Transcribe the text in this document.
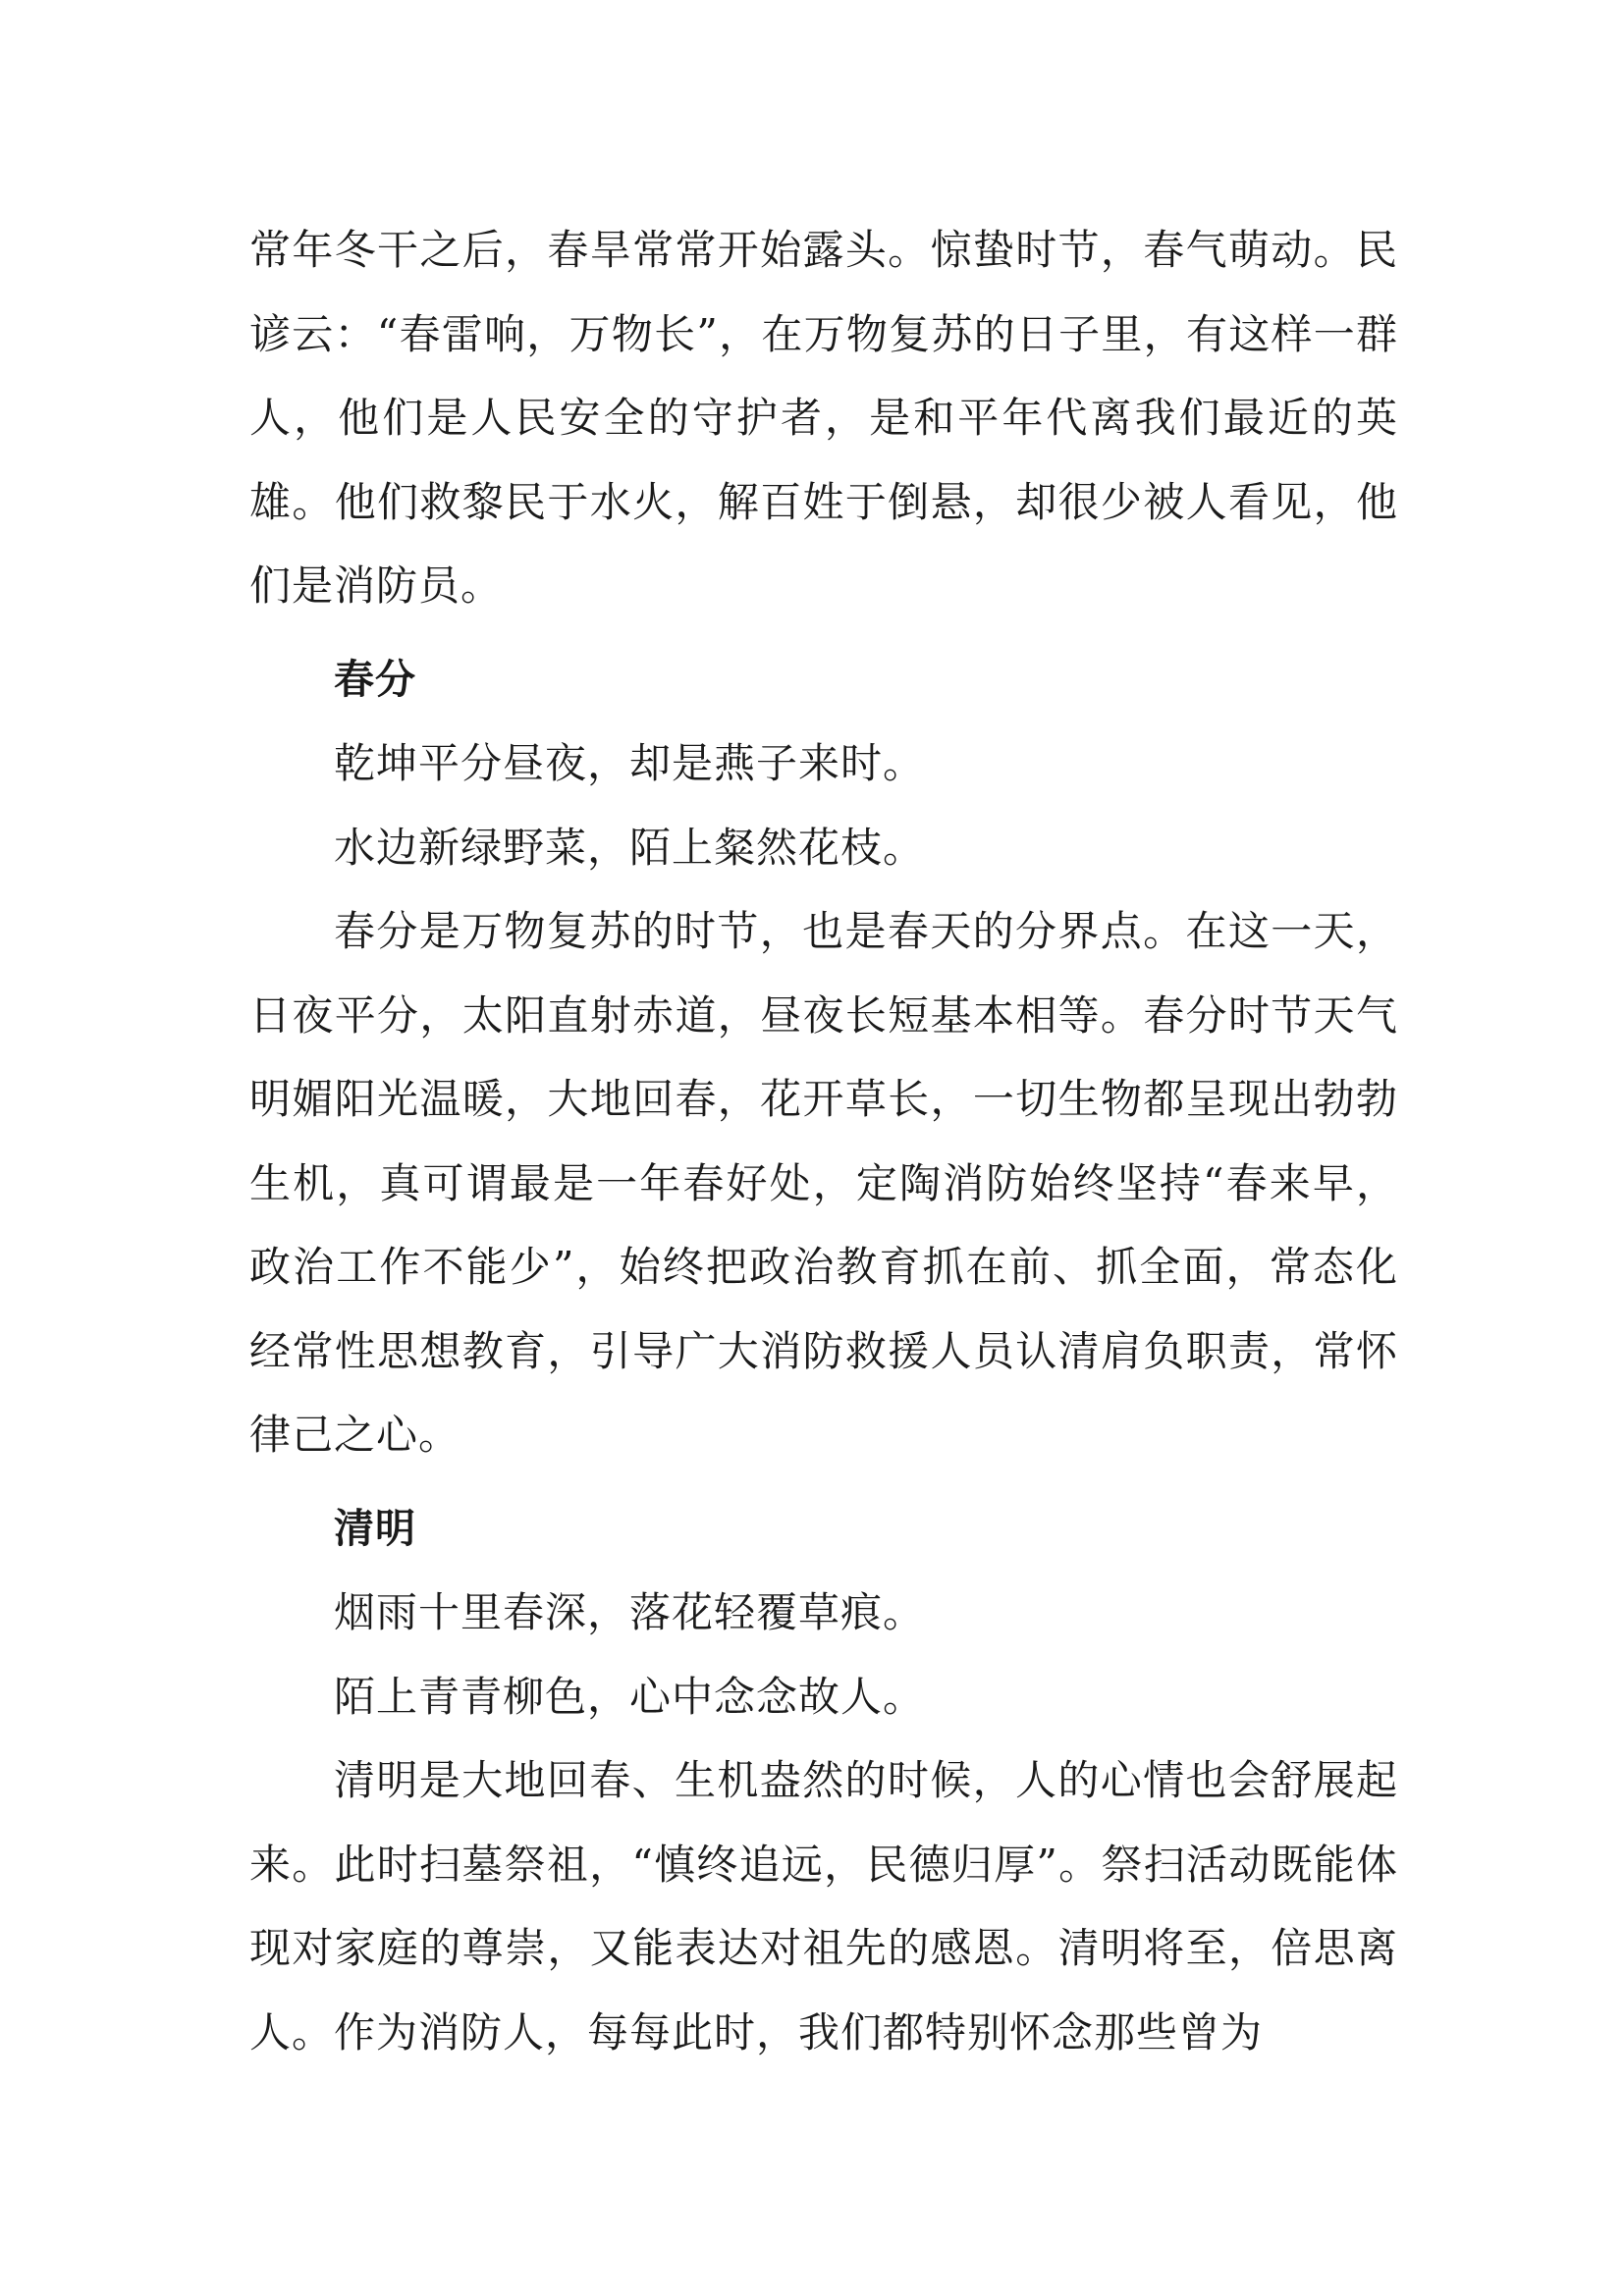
常年冬干之后，春旱常常开始露头。惊蛰时节，春气萌动。民谚云：“春雷响，万物长”，在万物复苏的日子里，有这样一群人，他们是人民安全的守护者，是和平年代离我们最近的英雄。他们救黎民于水火，解百姓于倒悬，却很少被人看见，他们是消防员。

春分

乾坤平分昼夜，却是燕子来时。

水边新绿野菜，陌上粲然花枝。

春分是万物复苏的时节，也是春天的分界点。在这一天，日夜平分，太阳直射赤道，昼夜长短基本相等。春分时节天气明媚阳光温暖，大地回春，花开草长，一切生物都呈现出勃勃生机，真可谓最是一年春好处，定陶消防始终坚持“春来早，政治工作不能少”，始终把政治教育抓在前、抓全面，常态化经常性思想教育，引导广大消防救援人员认清肩负职责，常怀律己之心。

清明

烟雨十里春深，落花轻覆草痕。

陌上青青柳色，心中念念故人。

清明是大地回春、生机盎然的时候，人的心情也会舒展起来。此时扫墓祭祖，“慎终追远，民德归厚”。祭扫活动既能体现对家庭的尊崇，又能表达对祖先的感恩。清明将至，倍思离人。作为消防人，每每此时，我们都特别怀念那些曾为
